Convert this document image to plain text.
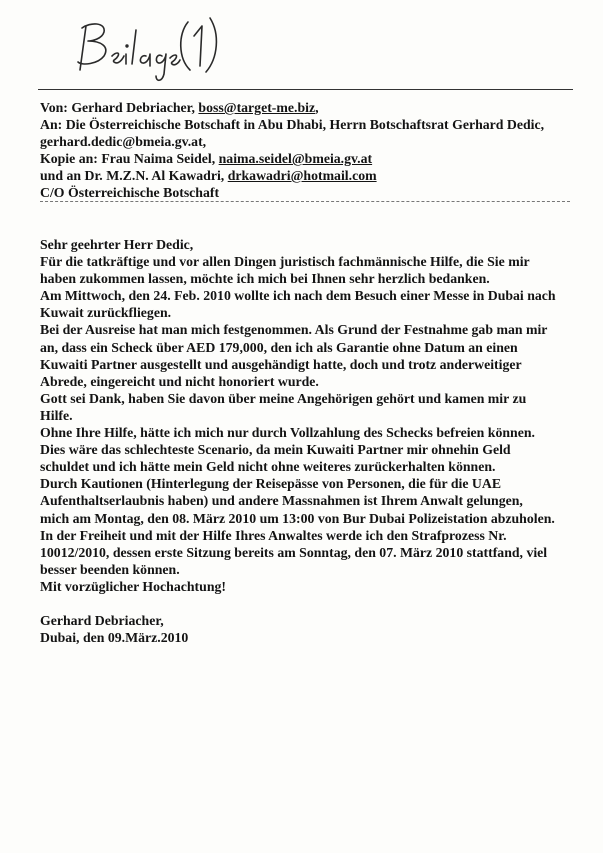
Von: Gerhard Debriacher, boss@target-me.biz,
An: Die Österreichische Botschaft in Abu Dhabi, Herrn Botschaftsrat Gerhard Dedic,
gerhard.dedic@bmeia.gv.at,
Kopie an: Frau Naima Seidel, naima.seidel@bmeia.gv.at
und an Dr. M.Z.N. Al Kawadri, drkawadri@hotmail.com
C/O Österreichische Botschaft
Sehr geehrter Herr Dedic,
Für die tatkräftige und vor allen Dingen juristisch fachmännische Hilfe, die Sie mir
haben zukommen lassen, möchte ich mich bei Ihnen sehr herzlich bedanken.
Am Mittwoch, den 24. Feb. 2010 wollte ich nach dem Besuch einer Messe in Dubai nach
Kuwait zurückfliegen.
Bei der Ausreise hat man mich festgenommen. Als Grund der Festnahme gab man mir
an, dass ein Scheck über AED 179,000, den ich als Garantie ohne Datum an einen
Kuwaiti Partner ausgestellt und ausgehändigt hatte, doch und trotz anderweitiger
Abrede, eingereicht und nicht honoriert wurde.
Gott sei Dank, haben Sie davon über meine Angehörigen gehört und kamen mir zu
Hilfe.
Ohne Ihre Hilfe, hätte ich mich nur durch Vollzahlung des Schecks befreien können.
Dies wäre das schlechteste Scenario, da mein Kuwaiti Partner mir ohnehin Geld
schuldet und ich hätte mein Geld nicht ohne weiteres zurückerhalten können.
Durch Kautionen (Hinterlegung der Reisepässe von Personen, die für die UAE
Aufenthaltserlaubnis haben) und andere Massnahmen ist Ihrem Anwalt gelungen,
mich am Montag, den 08. März 2010 um 13:00 von Bur Dubai Polizeistation abzuholen.
In der Freiheit und mit der Hilfe Ihres Anwaltes werde ich den Strafprozess Nr.
10012/2010, dessen erste Sitzung bereits am Sonntag, den 07. März 2010 stattfand, viel
besser beenden können.
Mit vorzüglicher Hochachtung!
Gerhard Debriacher,
Dubai, den 09.März.2010
